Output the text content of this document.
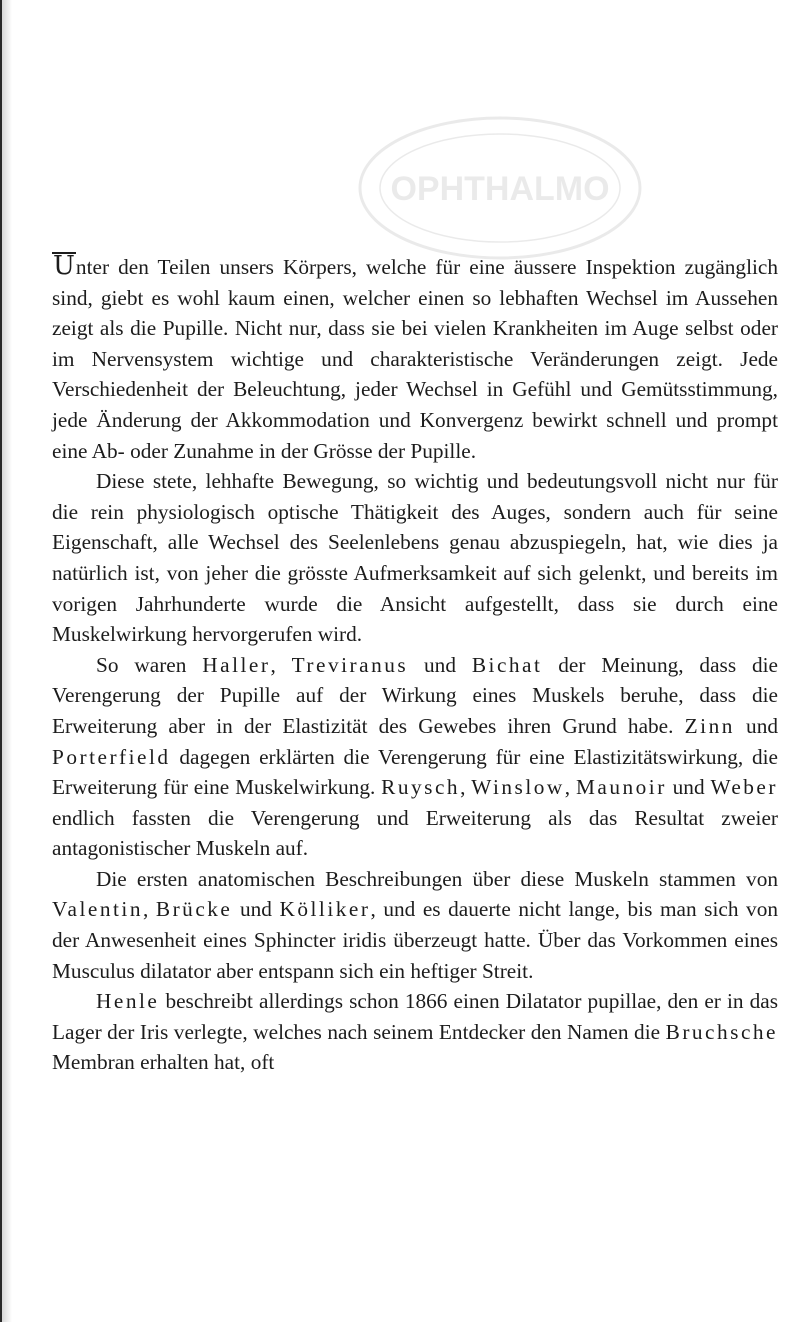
OPHTHALMO

Unter den Teilen unsers Körpers, welche für eine äussere Inspektion zugänglich sind, giebt es wohl kaum einen, welcher einen so lebhaften Wechsel im Aussehen zeigt als die Pupille. Nicht nur, dass sie bei vielen Krankheiten im Auge selbst oder im Nervensystem wichtige und charakteristische Veränderungen zeigt. Jede Verschiedenheit der Beleuchtung, jeder Wechsel in Gefühl und Gemütsstimmung, jede Änderung der Akkommodation und Konvergenz bewirkt schnell und prompt eine Ab- oder Zunahme in der Grösse der Pupille.

Diese stete, lehhafte Bewegung, so wichtig und bedeutungsvoll nicht nur für die rein physiologisch optische Thätigkeit des Auges, sondern auch für seine Eigenschaft, alle Wechsel des Seelenlebens genau abzuspiegeln, hat, wie dies ja natürlich ist, von jeher die grösste Aufmerksamkeit auf sich gelenkt, und bereits im vorigen Jahrhunderte wurde die Ansicht aufgestellt, dass sie durch eine Muskelwirkung hervorgerufen wird.

So waren Haller, Treviranus und Bichat der Meinung, dass die Verengerung der Pupille auf der Wirkung eines Muskels beruhe, dass die Erweiterung aber in der Elastizität des Gewebes ihren Grund habe. Zinn und Porterfield dagegen erklärten die Verengerung für eine Elastizitätswirkung, die Erweiterung für eine Muskelwirkung. Ruysch, Winslow, Maunoir und Weber endlich fassten die Verengerung und Erweiterung als das Resultat zweier antagonistischer Muskeln auf.

Die ersten anatomischen Beschreibungen über diese Muskeln stammen von Valentin, Brücke und Kölliker, und es dauerte nicht lange, bis man sich von der Anwesenheit eines Sphincter iridis überzeugt hatte. Über das Vorkommen eines Musculus dilatator aber entspann sich ein heftiger Streit.

Henle beschreibt allerdings schon 1866 einen Dilatator pupillae, den er in das Lager der Iris verlegte, welches nach seinem Entdecker den Namen die Bruchsche Membran erhalten hat, oft
